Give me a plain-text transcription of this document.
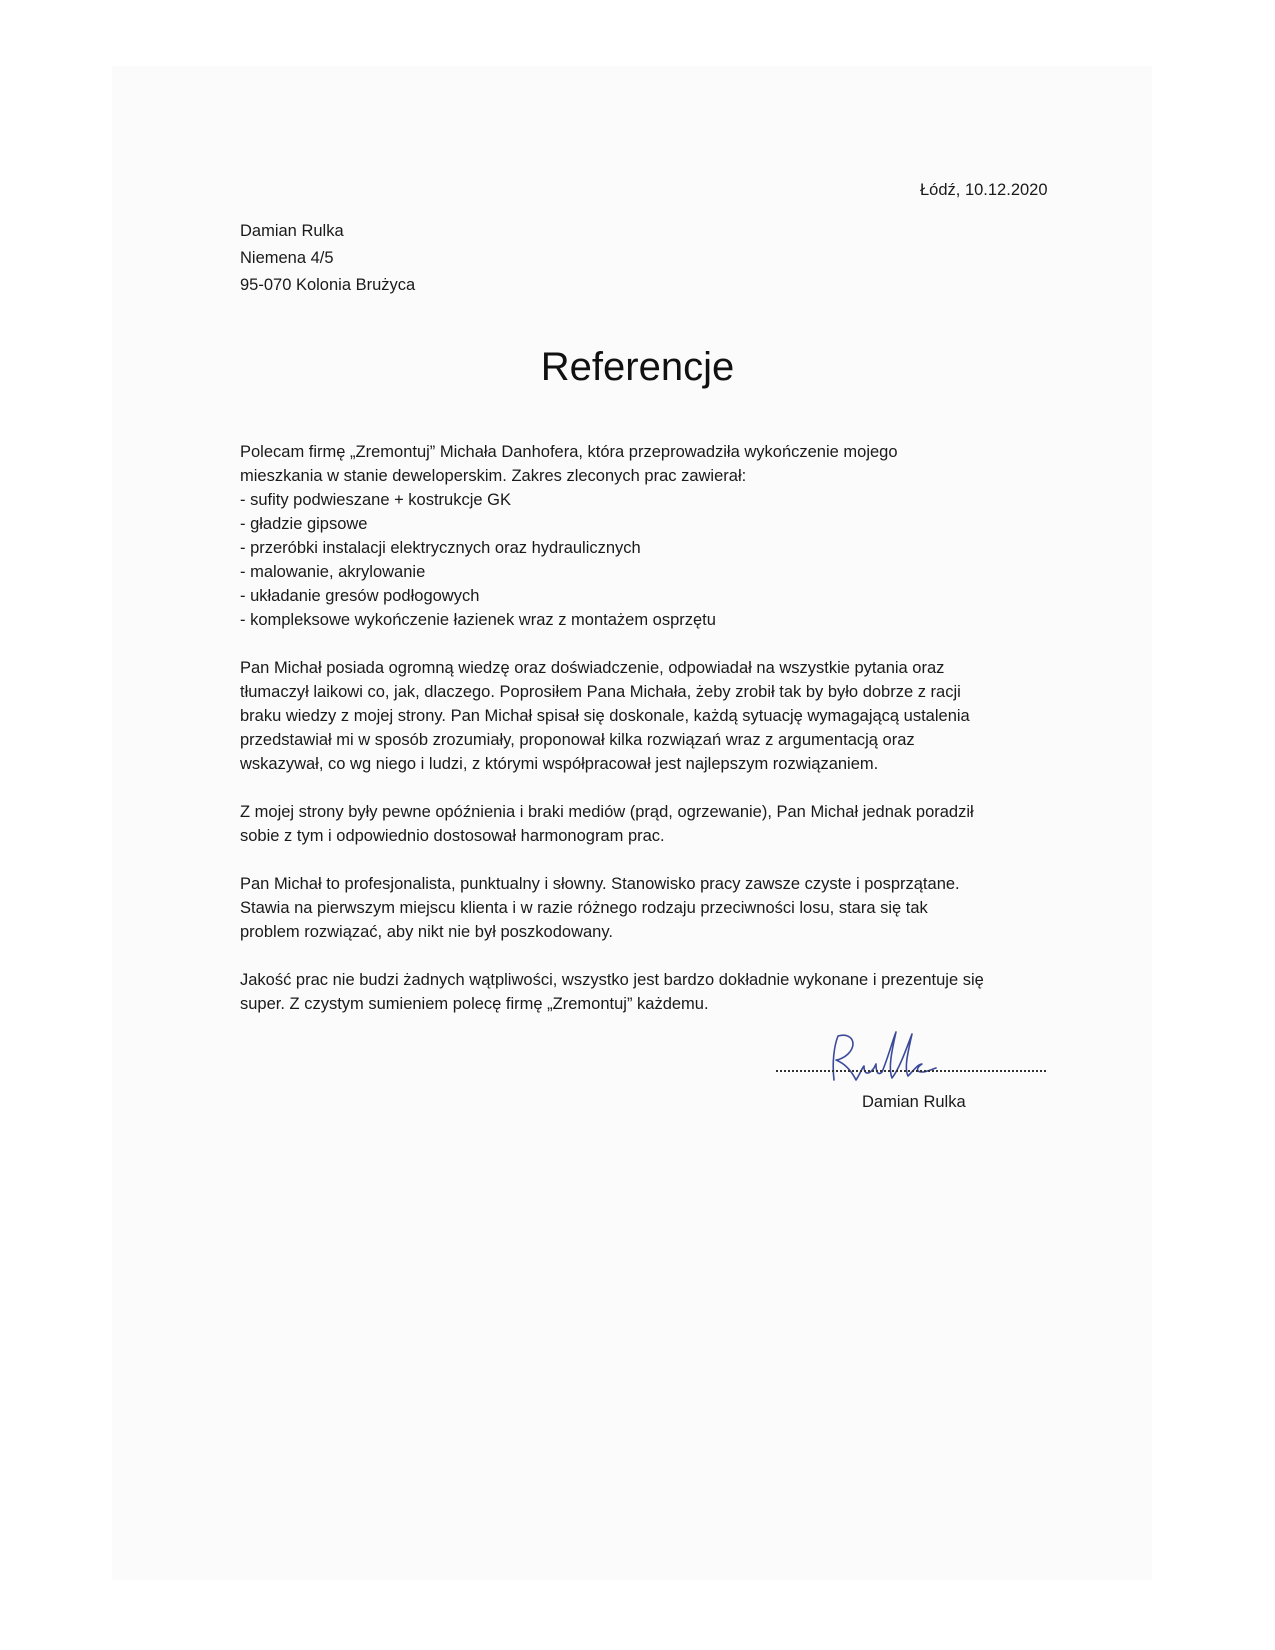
Łódź, 10.12.2020
Damian Rulka
Niemena 4/5
95-070 Kolonia Brużyca
Referencje
Polecam firmę „Zremontuj” Michała Danhofera, która przeprowadziła wykończenie mojego
mieszkania w stanie deweloperskim. Zakres zleconych prac zawierał:
- sufity podwieszane + kostrukcje GK
- gładzie gipsowe
- przeróbki instalacji elektrycznych oraz hydraulicznych
- malowanie, akrylowanie
- układanie gresów podłogowych
- kompleksowe wykończenie łazienek wraz z montażem osprzętu
Pan Michał posiada ogromną wiedzę oraz doświadczenie, odpowiadał na wszystkie pytania oraz
tłumaczył laikowi co, jak, dlaczego. Poprosiłem Pana Michała, żeby zrobił tak by było dobrze z racji
braku wiedzy z mojej strony. Pan Michał spisał się doskonale, każdą sytuację wymagającą ustalenia
przedstawiał mi w sposób zrozumiały, proponował kilka rozwiązań wraz z argumentacją oraz
wskazywał, co wg niego i ludzi, z którymi współpracował jest najlepszym rozwiązaniem.
Z mojej strony były pewne opóźnienia i braki mediów (prąd, ogrzewanie), Pan Michał jednak poradził
sobie z tym i odpowiednio dostosował harmonogram prac.
Pan Michał to profesjonalista, punktualny i słowny. Stanowisko pracy zawsze czyste i posprzątane.
Stawia na pierwszym miejscu klienta i w razie różnego rodzaju przeciwności losu, stara się tak
problem rozwiązać, aby nikt nie był poszkodowany.
Jakość prac nie budzi żadnych wątpliwości, wszystko jest bardzo dokładnie wykonane i prezentuje się
super. Z czystym sumieniem polecę firmę „Zremontuj” każdemu.
Damian Rulka
